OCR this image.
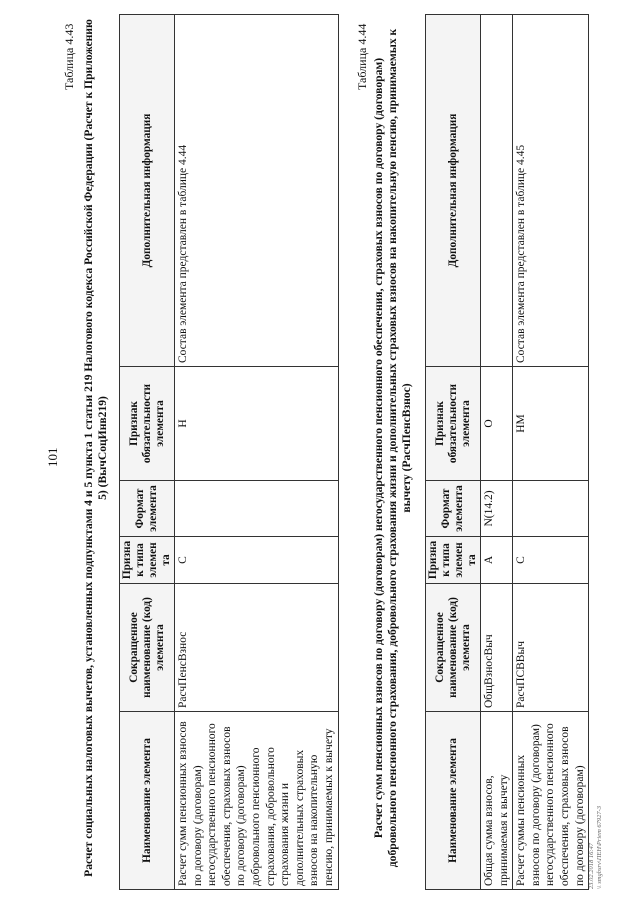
101
Таблица 4.43 Расчет социальных налоговых вычетов, установленных подпунктами 4 и 5 пункта 1 статьи 219 Налогового кодекса Российской Федерации (Расчет к Приложению 5) (ВычСоцИнв219)
Наименование элемента	Сокращенное наименование (код) элемента	Признак типа элемента	Формат элемента	Признак обязательности элемента	Дополнительная информация
Расчет сумм пенсионных взносов по договору (договорам) негосударственного пенсионного обеспечения, страховых взносов по договору (договорам) добровольного пенсионного страхования, добровольного страхования жизни и дополнительных страховых взносов на накопительную пенсию, принимаемых к вычету	РасчПенсВзнос	С		Н	Состав элемента представлен в таблице 4.44
Таблица 4.44
Расчет сумм пенсионных взносов по договору (договорам) негосударственного пенсионного обеспечения, страховых взносов по договору (договорам) добровольного пенсионного страхования, добровольного страхования жизни и дополнительных страховых взносов на накопительную пенсию, принимаемых к вычету (РасчПенсВзнос)
Наименование элемента	Сокращенное наименование (код) элемента	Признак типа элемента	Формат элемента	Признак обязательности элемента	Дополнительная информация
Общая сумма взносов, принимаемая к вычету	ОбщВзносВыч	А	N(14.2)	О	
Расчет суммы пенсионных взносов по договору (договорам) негосударственного пенсионного обеспечения, страховых взносов по договору (договорам)	РасчПСВВыч	С		НМ	Состав элемента представлен в таблице 4.45
23.02.2018 16:47 \\ smgbsrv\ПЕН\Priem 67927-3
